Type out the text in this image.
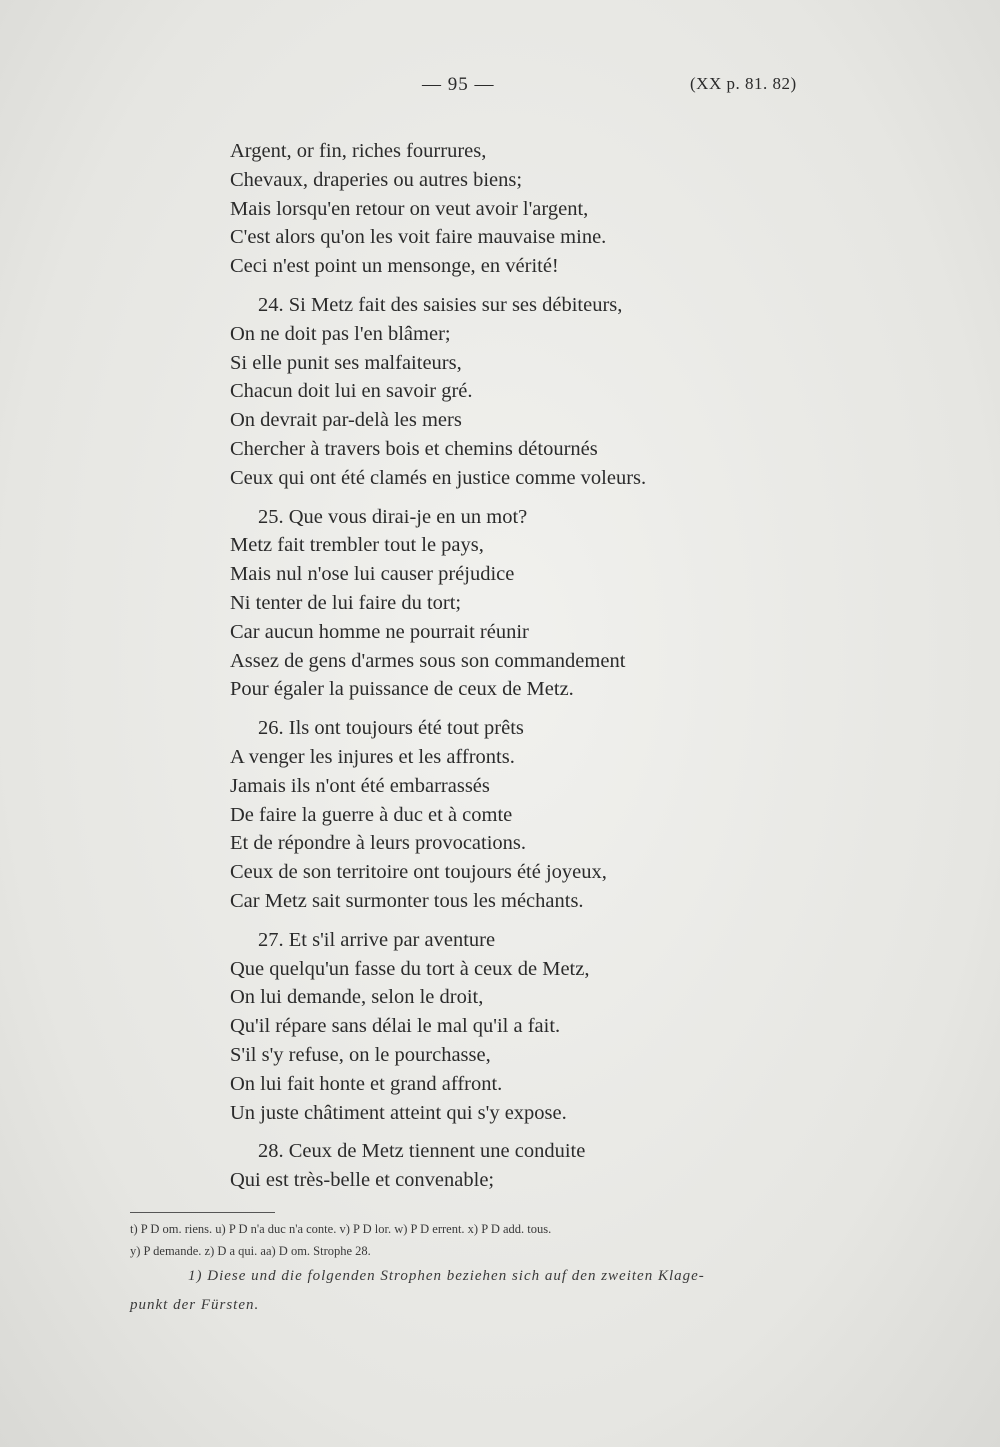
— 95 —	(XX p. 81. 82)
Argent, or fin, riches fourrures,
Chevaux, draperies ou autres biens;
Mais lorsqu'en retour on veut avoir l'argent,
C'est alors qu'on les voit faire mauvaise mine.
Ceci n'est point un mensonge, en vérité!
24. Si Metz fait des saisies sur ses débiteurs,
On ne doit pas l'en blâmer;
Si elle punit ses malfaiteurs,
Chacun doit lui en savoir gré.
On devrait par-delà les mers
Chercher à travers bois et chemins détournés
Ceux qui ont été clamés en justice comme voleurs.
25. Que vous dirai-je en un mot?
Metz fait trembler tout le pays,
Mais nul n'ose lui causer préjudice
Ni tenter de lui faire du tort;
Car aucun homme ne pourrait réunir
Assez de gens d'armes sous son commandement
Pour égaler la puissance de ceux de Metz.
26. Ils ont toujours été tout prêts
A venger les injures et les affronts.
Jamais ils n'ont été embarrassés
De faire la guerre à duc et à comte
Et de répondre à leurs provocations.
Ceux de son territoire ont toujours été joyeux,
Car Metz sait surmonter tous les méchants.
27. Et s'il arrive par aventure
Que quelqu'un fasse du tort à ceux de Metz,
On lui demande, selon le droit,
Qu'il répare sans délai le mal qu'il a fait.
S'il s'y refuse, on le pourchasse,
On lui fait honte et grand affront.
Un juste châtiment atteint qui s'y expose.
28. Ceux de Metz tiennent une conduite
Qui est très-belle et convenable;
t) P D om. riens. u) P D n'a duc n'a conte. v) P D lor. w) P D errent. x) P D add. tous.
y) P demande. z) D a qui. aa) D om. Strophe 28.
1) Diese und die folgenden Strophen beziehen sich auf den zweiten Klage-
punkt der Fürsten.
